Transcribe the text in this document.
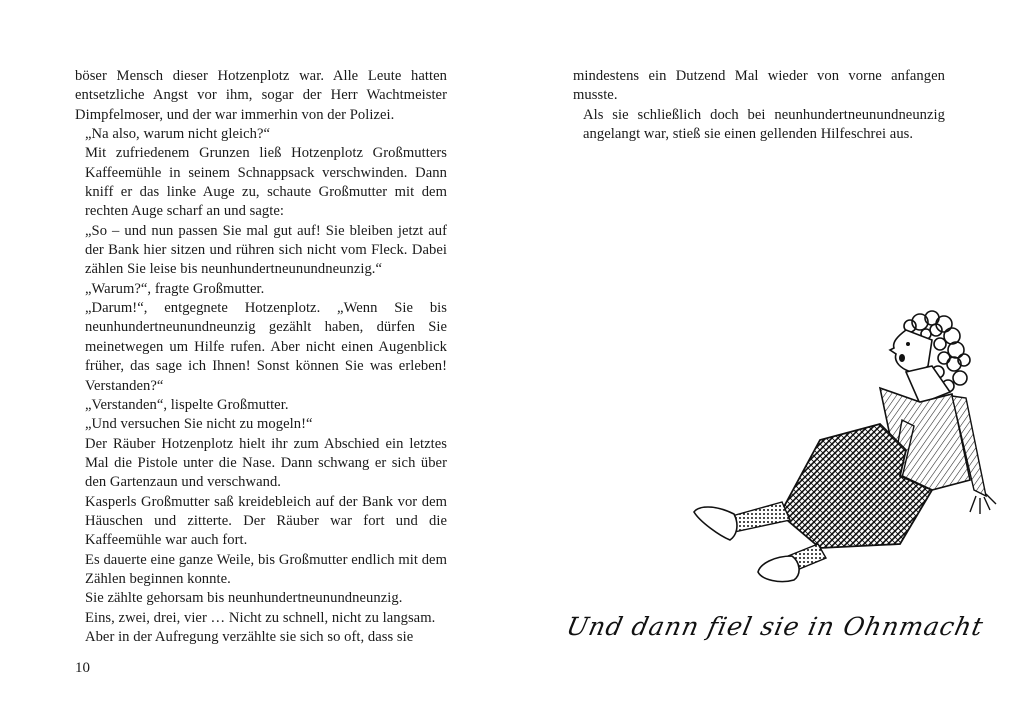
böser Mensch dieser Hotzenplotz war. Alle Leute hatten entsetzliche Angst vor ihm, sogar der Herr Wachtmeister Dimpfelmoser, und der war immerhin von der Polizei.

„Na also, warum nicht gleich?“

Mit zufriedenem Grunzen ließ Hotzenplotz Großmutters Kaffeemühle in seinem Schnappsack verschwinden. Dann kniff er das linke Auge zu, schaute Großmutter mit dem rechten Auge scharf an und sagte:

„So – und nun passen Sie mal gut auf! Sie bleiben jetzt auf der Bank hier sitzen und rühren sich nicht vom Fleck. Dabei zählen Sie leise bis neunhundertneunundneunzig.“

„Warum?“, fragte Großmutter.

„Darum!“, entgegnete Hotzenplotz. „Wenn Sie bis neunhundertneunundneunzig gezählt haben, dürfen Sie meinetwegen um Hilfe rufen. Aber nicht einen Augenblick früher, das sage ich Ihnen! Sonst können Sie was erleben! Verstanden?“

„Verstanden“, lispelte Großmutter.

„Und versuchen Sie nicht zu mogeln!“

Der Räuber Hotzenplotz hielt ihr zum Abschied ein letztes Mal die Pistole unter die Nase. Dann schwang er sich über den Gartenzaun und verschwand.

Kasperls Großmutter saß kreidebleich auf der Bank vor dem Häuschen und zitterte. Der Räuber war fort und die Kaffeemühle war auch fort.

Es dauerte eine ganze Weile, bis Großmutter endlich mit dem Zählen beginnen konnte.

Sie zählte gehorsam bis neunhundertneunundneunzig.

Eins, zwei, drei, vier … Nicht zu schnell, nicht zu langsam.

Aber in der Aufregung verzählte sie sich so oft, dass sie

10

mindestens ein Dutzend Mal wieder von vorne anfangen musste.

Als sie schließlich doch bei neunhundertneunundneunzig angelangt war, stieß sie einen gellenden Hilfeschrei aus.

Und dann fiel sie in Ohnmacht
